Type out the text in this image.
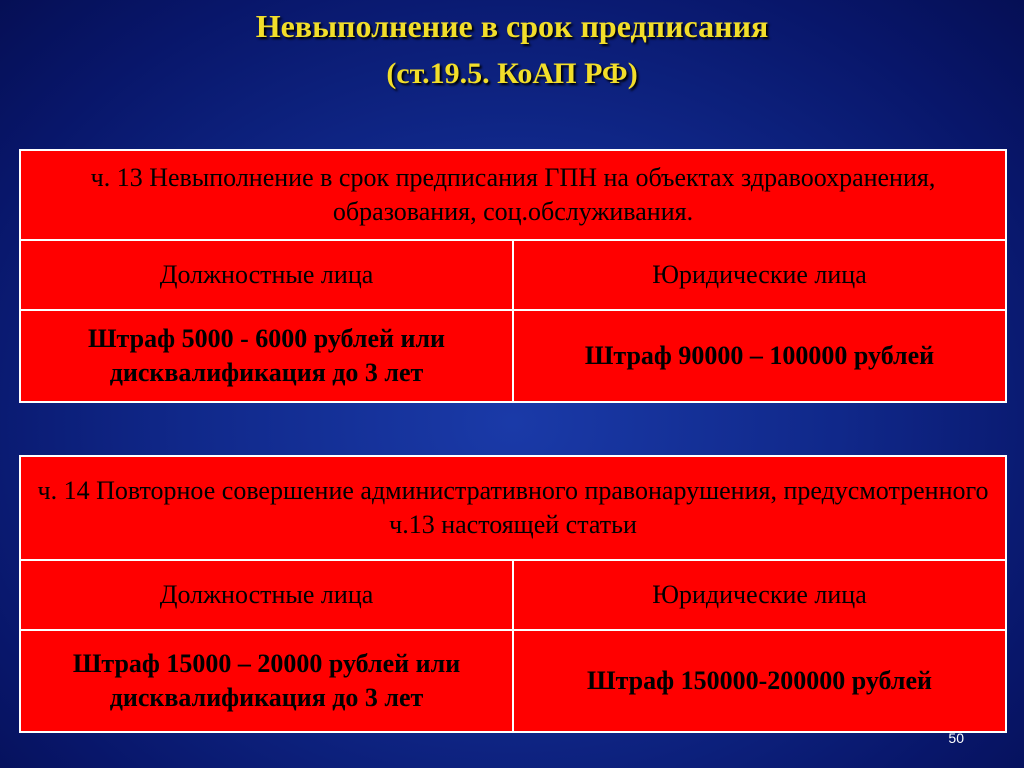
Невыполнение в срок предписания
(ст.19.5. КоАП РФ)
ч. 13 Невыполнение в срок предписания ГПН на объектах здравоохранения, образования, соц.обслуживания.	
Должностные лица	Юридические лица
Штраф 5000 - 6000 рублей или дисквалификация до 3 лет	Штраф 90000 – 100000 рублей
ч. 14 Повторное совершение административного правонарушения, предусмотренного ч.13 настоящей статьи	
Должностные лица	Юридические лица
Штраф 15000 – 20000 рублей или дисквалификация до 3 лет	Штраф 150000-200000 рублей
50
